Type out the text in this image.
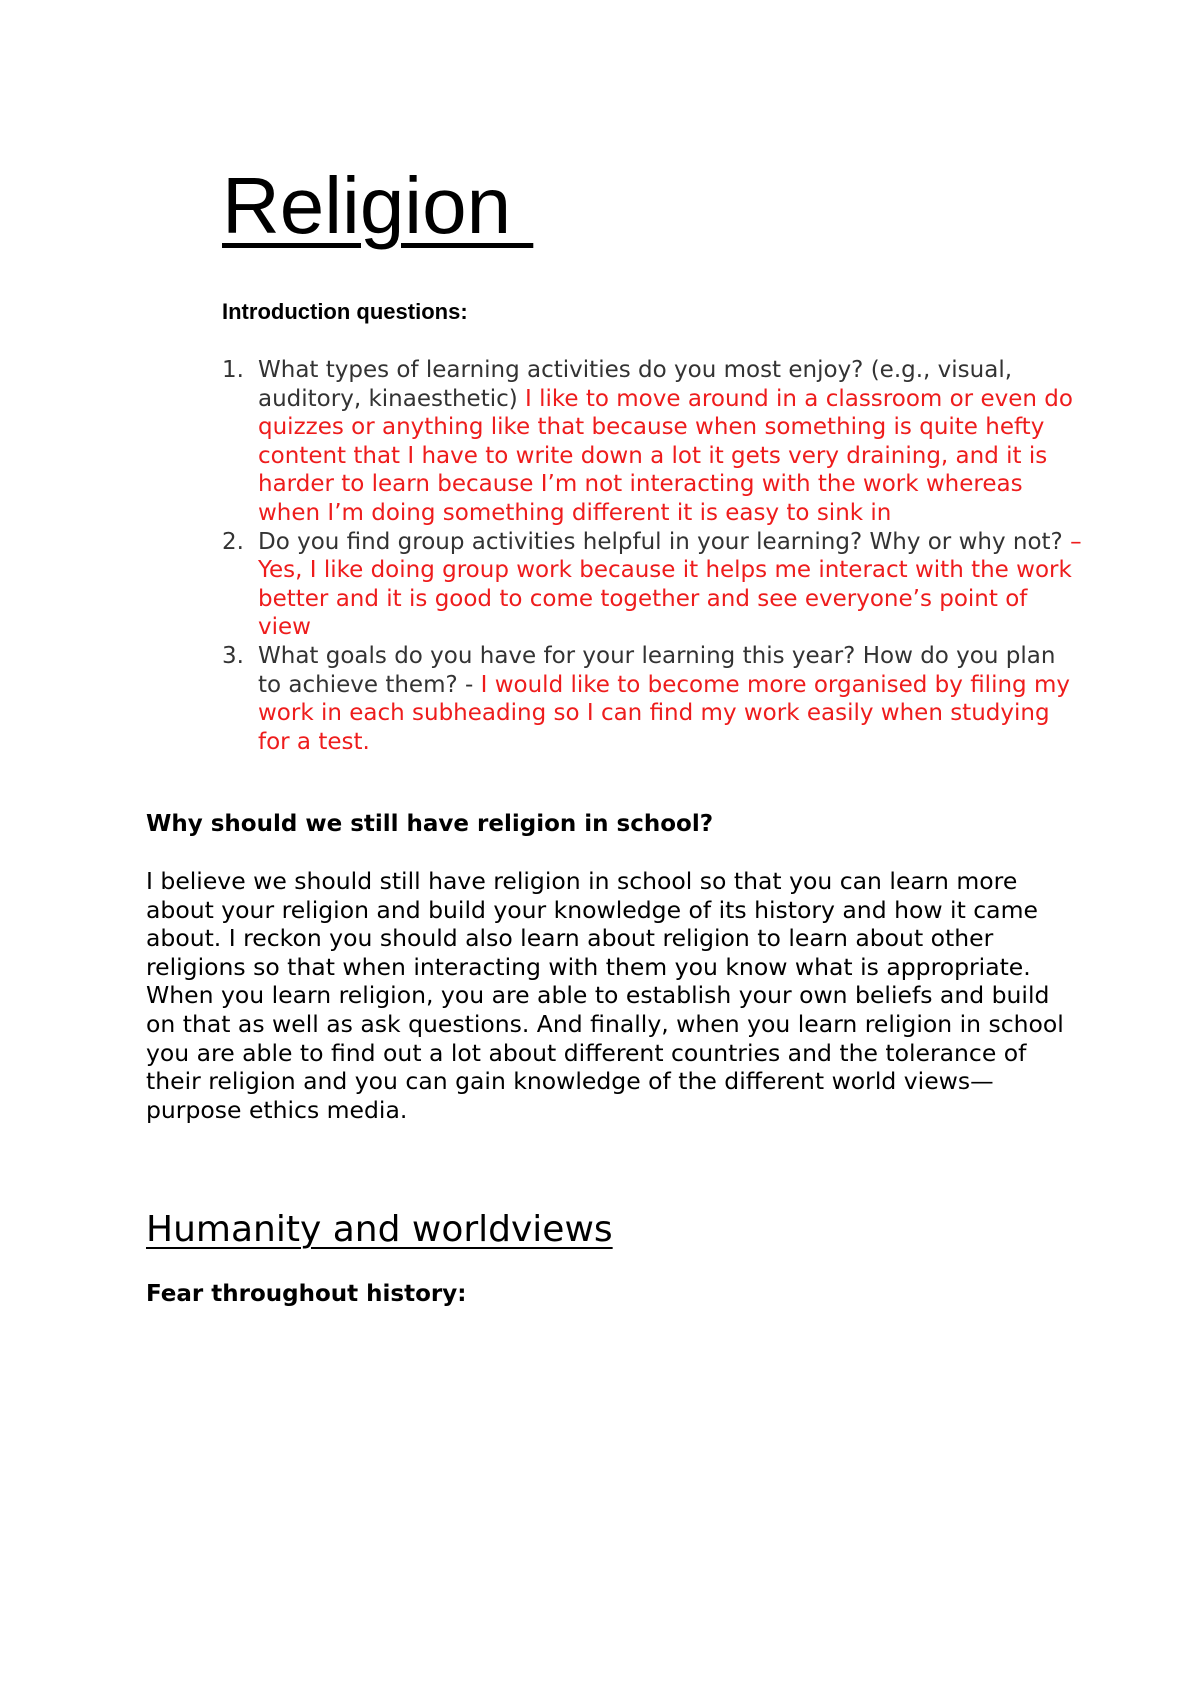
Religion

Introduction questions:

1. What types of learning activities do you most enjoy? (e.g., visual, auditory, kinaesthetic) I like to move around in a classroom or even do quizzes or anything like that because when something is quite hefty content that I have to write down a lot it gets very draining, and it is harder to learn because I’m not interacting with the work whereas when I’m doing something different it is easy to sink in
2. Do you find group activities helpful in your learning? Why or why not? – Yes, I like doing group work because it helps me interact with the work better and it is good to come together and see everyone’s point of view
3. What goals do you have for your learning this year? How do you plan to achieve them? - I would like to become more organised by filing my work in each subheading so I can find my work easily when studying for a test.

Why should we still have religion in school?

I believe we should still have religion in school so that you can learn more about your religion and build your knowledge of its history and how it came about. I reckon you should also learn about religion to learn about other religions so that when interacting with them you know what is appropriate. When you learn religion, you are able to establish your own beliefs and build on that as well as ask questions. And finally, when you learn religion in school you are able to find out a lot about different countries and the tolerance of their religion and you can gain knowledge of the different world views—purpose ethics media.

Humanity and worldviews

Fear throughout history:
